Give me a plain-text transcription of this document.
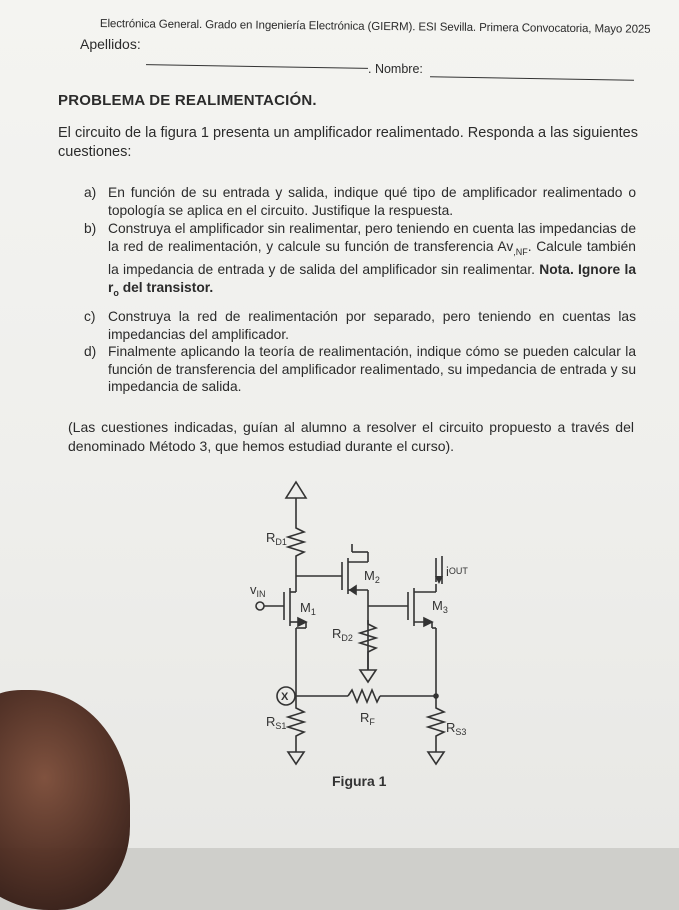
Electrónica General. Grado en Ingeniería Electrónica (GIERM). ESI Sevilla. Primera Convocatoria, Mayo 2025
Apellidos:
. Nombre:
PROBLEMA DE REALIMENTACIÓN.
El circuito de la figura 1 presenta un amplificador realimentado. Responda a las siguientes cuestiones:
a) En función de su entrada y salida, indique qué tipo de amplificador realimentado o topología se aplica en el circuito. Justifique la respuesta.
b) Construya el amplificador sin realimentar, pero teniendo en cuenta las impedancias de la red de realimentación, y calcule su función de transferencia $Av_{,NF}$. Calcule también la impedancia de entrada y de salida del amplificador sin realimentar. Nota. Ignore la $r_o$ del transistor.
c) Construya la red de realimentación por separado, pero teniendo en cuentas las impedancias del amplificador.
d) Finalmente aplicando la teoría de realimentación, indique cómo se pueden calcular la función de transferencia del amplificador realimentado, su impedancia de entrada y su impedancia de salida.
(Las cuestiones indicadas, guían al alumno a resolver el circuito propuesto a través del denominado Método 3, que hemos estudiad durante el curso).
$R_{D1}$
$M_2$
iOUT
$v_{IN}$
$M_1$	$M_3$
$R_{D2}$
X
$R_F$
$R_{S1}$	$R_{S3}$
Figura 1
